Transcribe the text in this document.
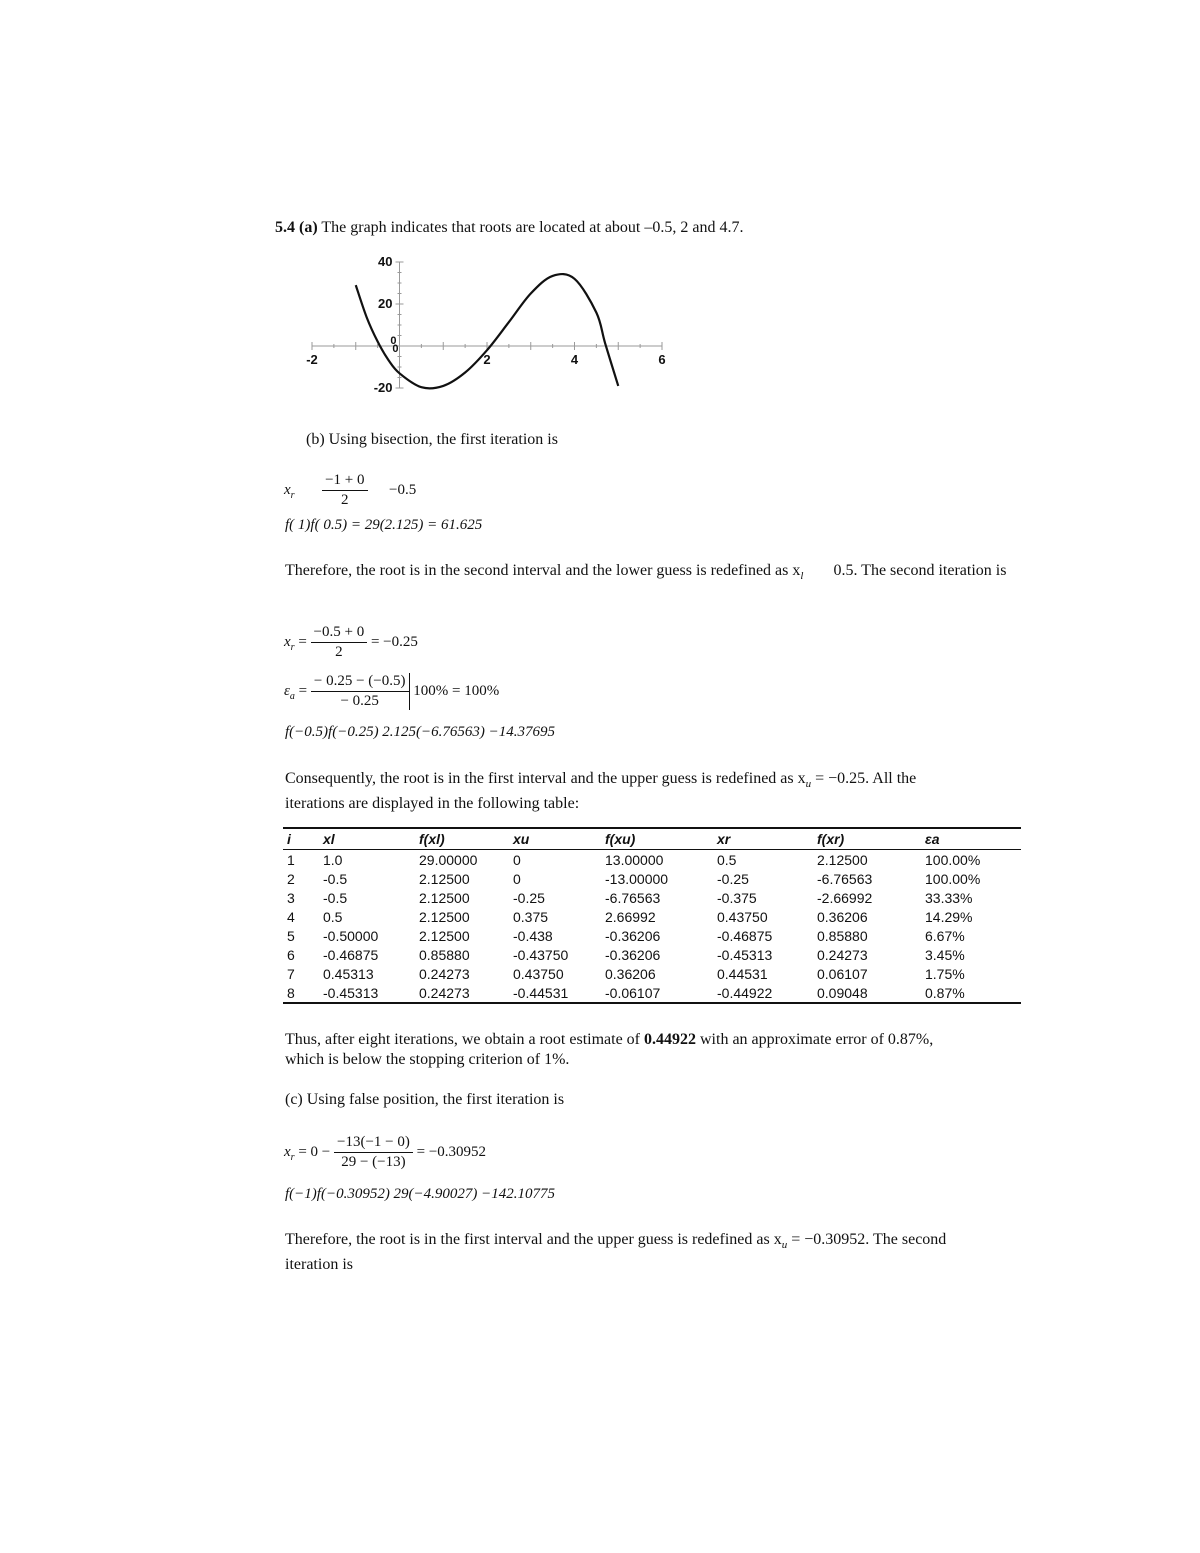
5.4 (a) The graph indicates that roots are located at about –0.5, 2 and 4.7.
-2	2	4	6
40
20
-20
0
0
(b) Using bisection, the first iteration is
$x_r \frac{-1 + 0}{2} -0.5$
f( 1)f( 0.5) = 29(2.125) = 61.625
Therefore, the root is in the second interval and the lower guess is redefined as $x_l$ 0.5. The second iteration is
$x_r = \frac{-0.5 + 0}{2} = -0.25$
$\varepsilon_a = \frac{- 0.25 - (-0.5)}{- 0.25} 100\% = 100\%$
f(−0.5)f(−0.25) 2.125(−6.76563) −14.37695
Consequently, the root is in the first interval and the upper guess is redefined as $x_u = -0.25$. All the
iterations are displayed in the following table:
i	xl	f(xl)	xu	f(xu)	xr	f(xr)	εa
1	1.0	29.00000	0	13.00000	0.5	2.12500	100.00%
2	-0.5	2.12500	0	-13.00000	-0.25	-6.76563	100.00%
3	-0.5	2.12500	-0.25	-6.76563	-0.375	-2.66992	33.33%
4	0.5	2.12500	0.375	2.66992	0.43750	0.36206	14.29%
5	-0.50000	2.12500	-0.438	-0.36206	-0.46875	0.85880	6.67%
6	-0.46875	0.85880	-0.43750	-0.36206	-0.45313	0.24273	3.45%
7	0.45313	0.24273	0.43750	0.36206	0.44531	0.06107	1.75%
8	-0.45313	0.24273	-0.44531	-0.06107	-0.44922	0.09048	0.87%
Thus, after eight iterations, we obtain a root estimate of 0.44922 with an approximate error of 0.87%,
which is below the stopping criterion of 1%.
(c) Using false position, the first iteration is
$x_r = 0 - \frac{-13(-1 - 0)}{29 - (-13)} = -0.30952$
f(−1)f(−0.30952) 29(−4.90027) −142.10775
Therefore, the root is in the first interval and the upper guess is redefined as $x_u = -0.30952$. The second
iteration is
